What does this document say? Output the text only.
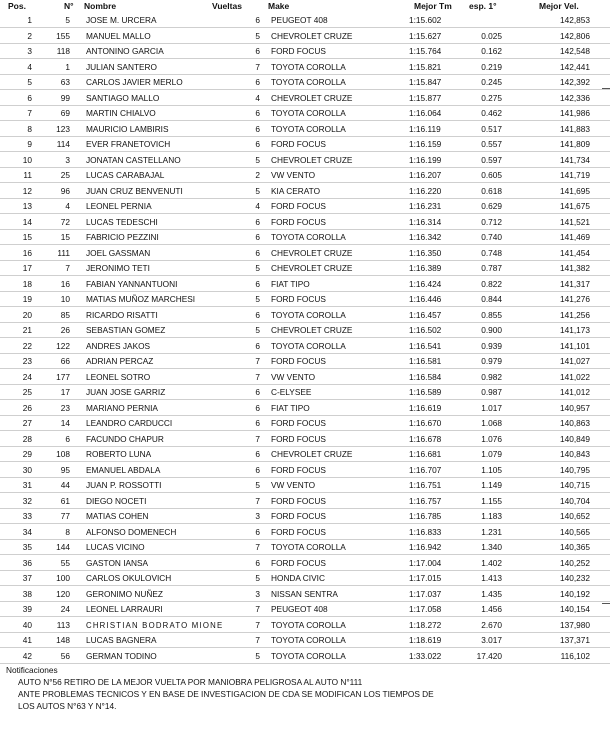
Pos.	N° Nombre	Vueltas	Make	Mejor Tm esp. 1°	Mejor Vel.
1	5 JOSE M. URCERA	6 PEUGEOT 408	1:15.602	142,853
2	155 MANUEL MALLO	5 CHEVROLET CRUZE	1:15.627	0.025	142,806
3	118 ANTONINO GARCIA	6 FORD FOCUS	1:15.764	0.162	142,548
4	1 JULIAN SANTERO	7 TOYOTA COROLLA	1:15.821	0.219	142,441
5	63 CARLOS JAVIER MERLO	6 TOYOTA COROLLA	1:15.847	0.245	142,392
6	99 SANTIAGO MALLO	4 CHEVROLET CRUZE	1:15.877	0.275	142,336
7	69 MARTIN CHIALVO	6 TOYOTA COROLLA	1:16.064	0.462	141,986
8	123 MAURICIO LAMBIRIS	6 TOYOTA COROLLA	1:16.119	0.517	141,883
9	114 EVER FRANETOVICH	6 FORD FOCUS	1:16.159	0.557	141,809
10	3 JONATAN CASTELLANO	5 CHEVROLET CRUZE	1:16.199	0.597	141,734
11	25 LUCAS CARABAJAL	2 VW VENTO	1:16.207	0.605	141,719
12	96 JUAN CRUZ BENVENUTI	5 KIA CERATO	1:16.220	0.618	141,695
13	4 LEONEL PERNIA	4 FORD FOCUS	1:16.231	0.629	141,675
14	72 LUCAS TEDESCHI	6 FORD FOCUS	1:16.314	0.712	141,521
15	15 FABRICIO PEZZINI	6 TOYOTA COROLLA	1:16.342	0.740	141,469
16	111 JOEL GASSMAN	6 CHEVROLET CRUZE	1:16.350	0.748	141,454
17	7 JERONIMO TETI	5 CHEVROLET CRUZE	1:16.389	0.787	141,382
18	16 FABIAN YANNANTUONI	6 FIAT TIPO	1:16.424	0.822	141,317
19	10 MATIAS MUÑOZ MARCHESI	5 FORD FOCUS	1:16.446	0.844	141,276
20	85 RICARDO RISATTI	6 TOYOTA COROLLA	1:16.457	0.855	141,256
21	26 SEBASTIAN GOMEZ	5 CHEVROLET CRUZE	1:16.502	0.900	141,173
22	122 ANDRES JAKOS	6 TOYOTA COROLLA	1:16.541	0.939	141,101
23	66 ADRIAN PERCAZ	7 FORD FOCUS	1:16.581	0.979	141,027
24	177 LEONEL SOTRO	7 VW VENTO	1:16.584	0.982	141,022
25	17 JUAN JOSE GARRIZ	6 C-ELYSEE	1:16.589	0.987	141,012
26	23 MARIANO PERNIA	6 FIAT TIPO	1:16.619	1.017	140,957
27	14 LEANDRO CARDUCCI	6 FORD FOCUS	1:16.670	1.068	140,863
28	6 FACUNDO CHAPUR	7 FORD FOCUS	1:16.678	1.076	140,849
29	108 ROBERTO LUNA	6 CHEVROLET CRUZE	1:16.681	1.079	140,843
30	95 EMANUEL ABDALA	6 FORD FOCUS	1:16.707	1.105	140,795
31	44 JUAN P. ROSSOTTI	5 VW VENTO	1:16.751	1.149	140,715
32	61 DIEGO NOCETI	7 FORD FOCUS	1:16.757	1.155	140,704
33	77 MATIAS COHEN	3 FORD FOCUS	1:16.785	1.183	140,652
34	8 ALFONSO DOMENECH	6 FORD FOCUS	1:16.833	1.231	140,565
35	144 LUCAS VICINO	7 TOYOTA COROLLA	1:16.942	1.340	140,365
36	55 GASTON IANSA	6 FORD FOCUS	1:17.004	1.402	140,252
37	100 CARLOS OKULOVICH	5 HONDA CIVIC	1:17.015	1.413	140,232
38	120 GERONIMO NUÑEZ	3 NISSAN SENTRA	1:17.037	1.435	140,192
39	24 LEONEL LARRAURI	7 PEUGEOT 408	1:17.058	1.456	140,154
40	113 CHRISTIAN BODRATO MIONE	7 TOYOTA COROLLA	1:18.272	2.670	137,980
41	148 LUCAS BAGNERA	7 TOYOTA COROLLA	1:18.619	3.017	137,371
42	56 GERMAN TODINO	5 TOYOTA COROLLA	1:33.022	17.420	116,102
Notificaciones
AUTO N°56 RETIRO DE LA MEJOR VUELTA POR MANIOBRA PELIGROSA AL AUTO N°111
ANTE PROBLEMAS TECNICOS Y EN BASE DE INVESTIGACION DE CDA SE MODIFICAN LOS TIEMPOS DE
LOS AUTOS N°63 Y N°14.
